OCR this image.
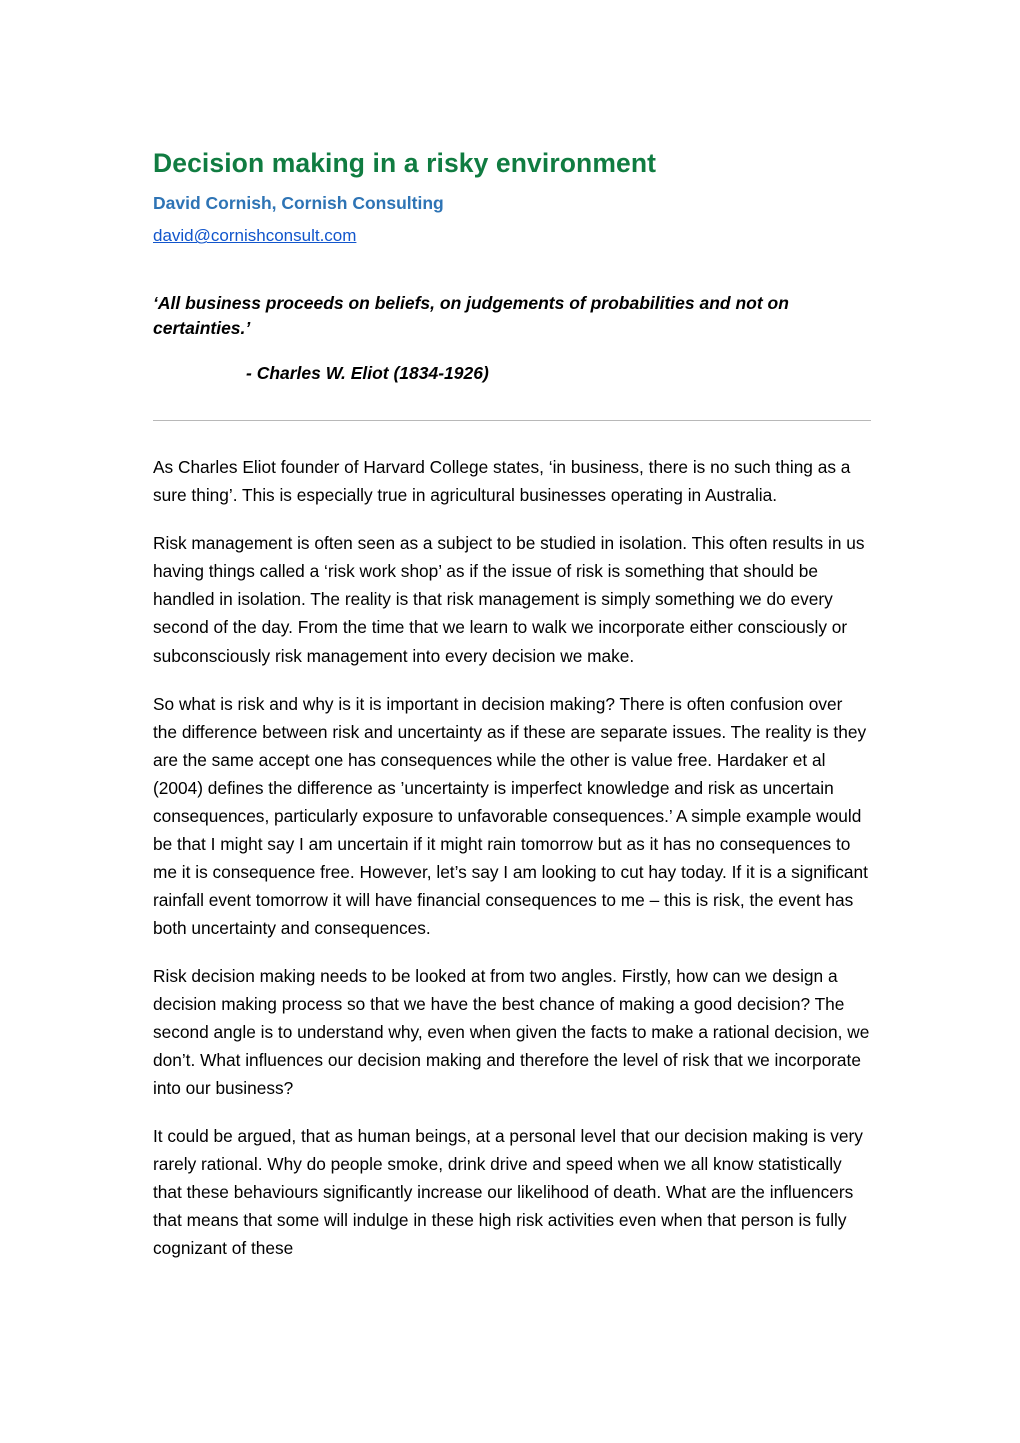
Decision making in a risky environment
David Cornish, Cornish Consulting
david@cornishconsult.com

‘All business proceeds on beliefs, on judgements of probabilities and not on certainties.’

- Charles W. Eliot (1834-1926)

As Charles Eliot founder of Harvard College states, ‘in business, there is no such thing as a sure thing’. This is especially true in agricultural businesses operating in Australia.

Risk management is often seen as a subject to be studied in isolation. This often results in us having things called a ‘risk work shop’ as if the issue of risk is something that should be handled in isolation. The reality is that risk management is simply something we do every second of the day. From the time that we learn to walk we incorporate either consciously or subconsciously risk management into every decision we make.

So what is risk and why is it is important in decision making? There is often confusion over the difference between risk and uncertainty as if these are separate issues. The reality is they are the same accept one has consequences while the other is value free. Hardaker et al (2004) defines the difference as ’uncertainty is imperfect knowledge and risk as uncertain consequences, particularly exposure to unfavorable consequences.’ A simple example would be that I might say I am uncertain if it might rain tomorrow but as it has no consequences to me it is consequence free. However, let’s say I am looking to cut hay today. If it is a significant rainfall event tomorrow it will have financial consequences to me – this is risk, the event has both uncertainty and consequences.

Risk decision making needs to be looked at from two angles. Firstly, how can we design a decision making process so that we have the best chance of making a good decision? The second angle is to understand why, even when given the facts to make a rational decision, we don’t. What influences our decision making and therefore the level of risk that we incorporate into our business?

It could be argued, that as human beings, at a personal level that our decision making is very rarely rational. Why do people smoke, drink drive and speed when we all know statistically that these behaviours significantly increase our likelihood of death. What are the influencers that means that some will indulge in these high risk activities even when that person is fully cognizant of these
